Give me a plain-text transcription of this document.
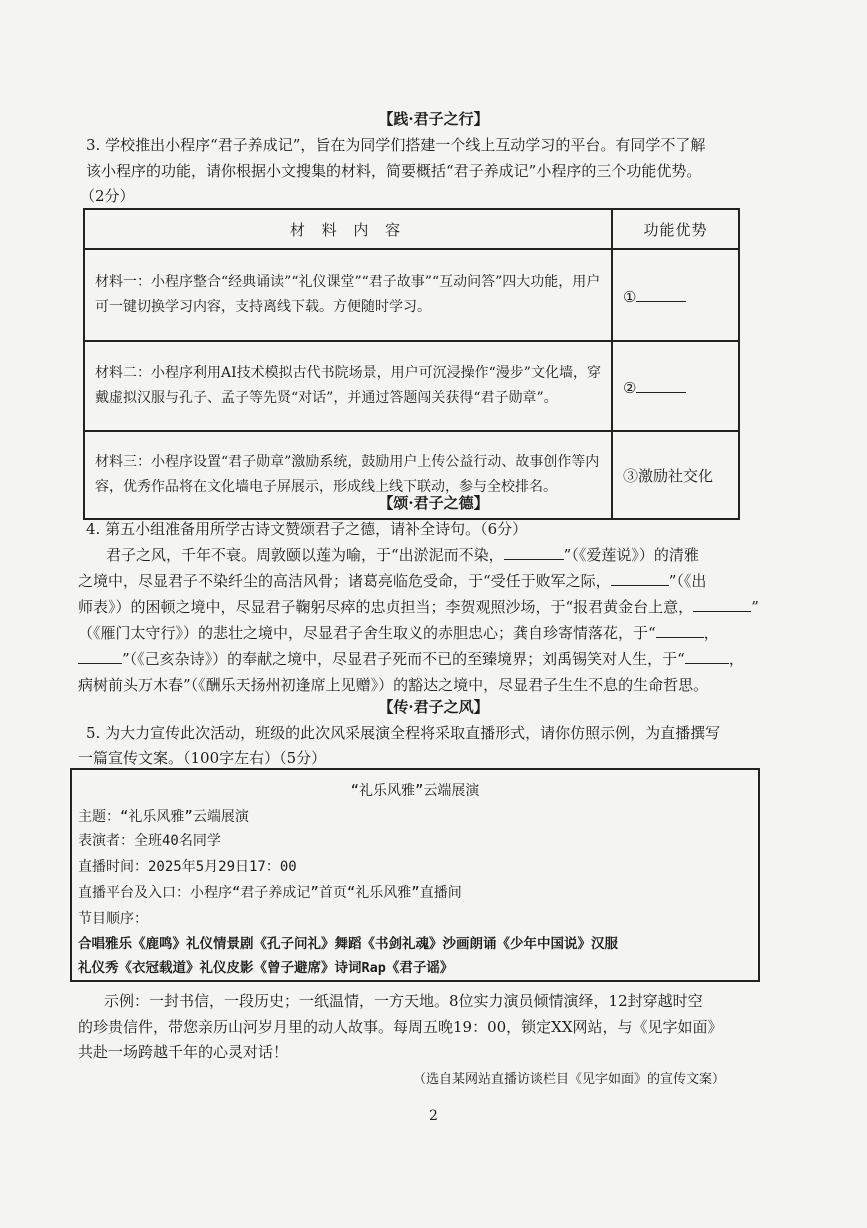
【践·君子之行】
3. 学校推出小程序“君子养成记”，旨在为同学们搭建一个线上互动学习的平台。有同学不了解
该小程序的功能，请你根据小文搜集的材料，简要概括“君子养成记”小程序的三个功能优势。
（2分）
材 料 内 容	功能优势
材料一：小程序整合“经典诵读”“礼仪课堂”“君子故事”“互动问答”四大功能，用户可一键切换学习内容，支持离线下载。方便随时学习。	①
材料二：小程序利用AI技术模拟古代书院场景，用户可沉浸操作“漫步”文化墙，穿戴虚拟汉服与孔子、孟子等先贤“对话”，并通过答题闯关获得“君子勋章”。	②
材料三：小程序设置“君子勋章”激励系统，鼓励用户上传公益行动、故事创作等内容，优秀作品将在文化墙电子屏展示，形成线上线下联动，参与全校排名。	③激励社交化
【颂·君子之德】
4. 第五小组准备用所学古诗文赞颂君子之德，请补全诗句。（6分）
君子之风，千年不衰。周敦颐以莲为喻，于“出淤泥而不染，	”（《爱莲说》）的清雅
之境中，尽显君子不染纤尘的高洁风骨；诸葛亮临危受命，于“受任于败军之际，	”（《出
师表》）的困顿之境中，尽显君子鞠躬尽瘁的忠贞担当；李贺观照沙场，于“报君黄金台上意，	”
（《雁门太守行》）的悲壮之境中，尽显君子舍生取义的赤胆忠心；龚自珍寄情落花，于“	，
”（《己亥杂诗》）的奉献之境中，尽显君子死而不已的至臻境界；刘禹锡笑对人生，于“	，
病树前头万木春”（《酬乐天扬州初逢席上见赠》）的豁达之境中，尽显君子生生不息的生命哲思。
【传·君子之风】
5. 为大力宣传此次活动，班级的此次风采展演全程将采取直播形式，请你仿照示例，为直播撰写
一篇宣传文案。（100字左右）（5分）
“礼乐风雅”云端展演
主题：“礼乐风雅”云端展演
表演者：全班40名同学
直播时间：2025年5月29日17：00
直播平台及入口：小程序“君子养成记”首页“礼乐风雅”直播间
节目顺序：
合唱雅乐《鹿鸣》礼仪情景剧《孔子问礼》舞蹈《书剑礼魂》沙画朗诵《少年中国说》汉服
礼仪秀《衣冠载道》礼仪皮影《曾子避席》诗词Rap《君子谣》
示例：一封书信，一段历史；一纸温情，一方天地。8位实力演员倾情演绎，12封穿越时空
的珍贵信件，带您亲历山河岁月里的动人故事。每周五晚19：00，锁定XX网站，与《见字如面》
共赴一场跨越千年的心灵对话！
（选自某网站直播访谈栏目《见字如面》的宣传文案）
2
